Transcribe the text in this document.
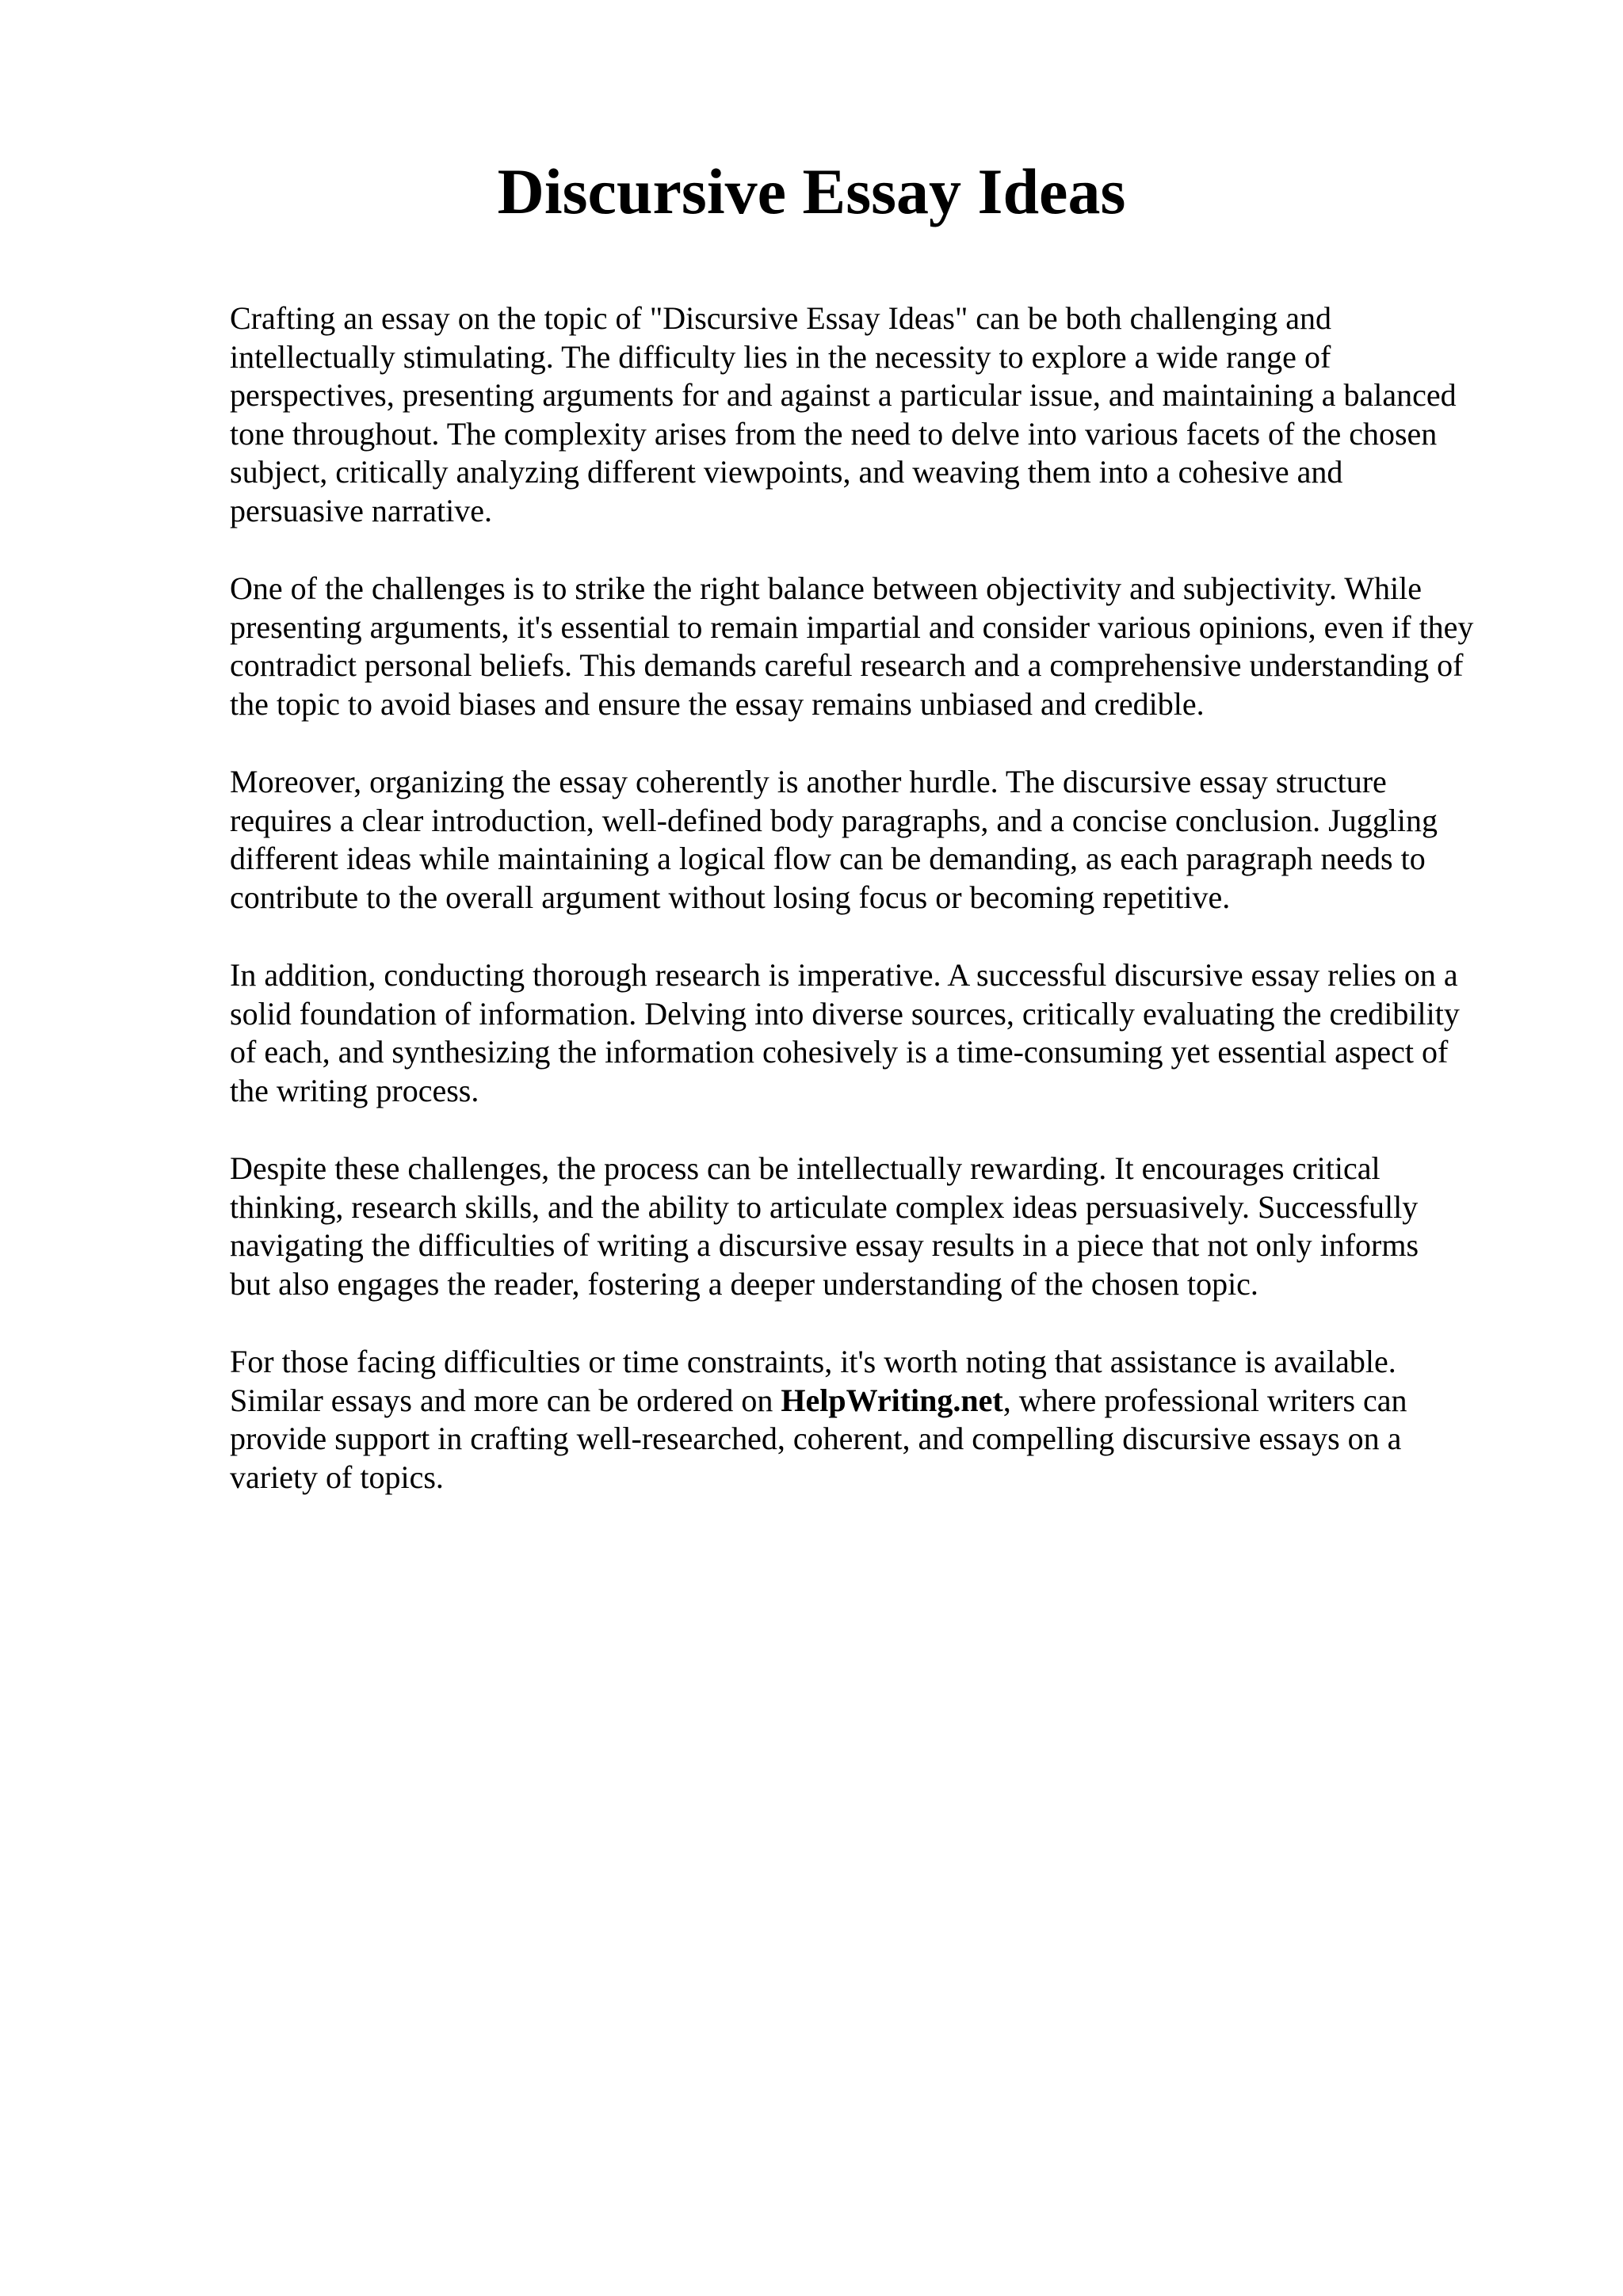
Discursive Essay Ideas

Crafting an essay on the topic of "Discursive Essay Ideas" can be both challenging and
intellectually stimulating. The difficulty lies in the necessity to explore a wide range of
perspectives, presenting arguments for and against a particular issue, and maintaining a balanced
tone throughout. The complexity arises from the need to delve into various facets of the chosen
subject, critically analyzing different viewpoints, and weaving them into a cohesive and
persuasive narrative.

One of the challenges is to strike the right balance between objectivity and subjectivity. While
presenting arguments, it's essential to remain impartial and consider various opinions, even if they
contradict personal beliefs. This demands careful research and a comprehensive understanding of
the topic to avoid biases and ensure the essay remains unbiased and credible.

Moreover, organizing the essay coherently is another hurdle. The discursive essay structure
requires a clear introduction, well-defined body paragraphs, and a concise conclusion. Juggling
different ideas while maintaining a logical flow can be demanding, as each paragraph needs to
contribute to the overall argument without losing focus or becoming repetitive.

In addition, conducting thorough research is imperative. A successful discursive essay relies on a
solid foundation of information. Delving into diverse sources, critically evaluating the credibility
of each, and synthesizing the information cohesively is a time-consuming yet essential aspect of
the writing process.

Despite these challenges, the process can be intellectually rewarding. It encourages critical
thinking, research skills, and the ability to articulate complex ideas persuasively. Successfully
navigating the difficulties of writing a discursive essay results in a piece that not only informs
but also engages the reader, fostering a deeper understanding of the chosen topic.

For those facing difficulties or time constraints, it's worth noting that assistance is available.
Similar essays and more can be ordered on HelpWriting.net, where professional writers can
provide support in crafting well-researched, coherent, and compelling discursive essays on a
variety of topics.
